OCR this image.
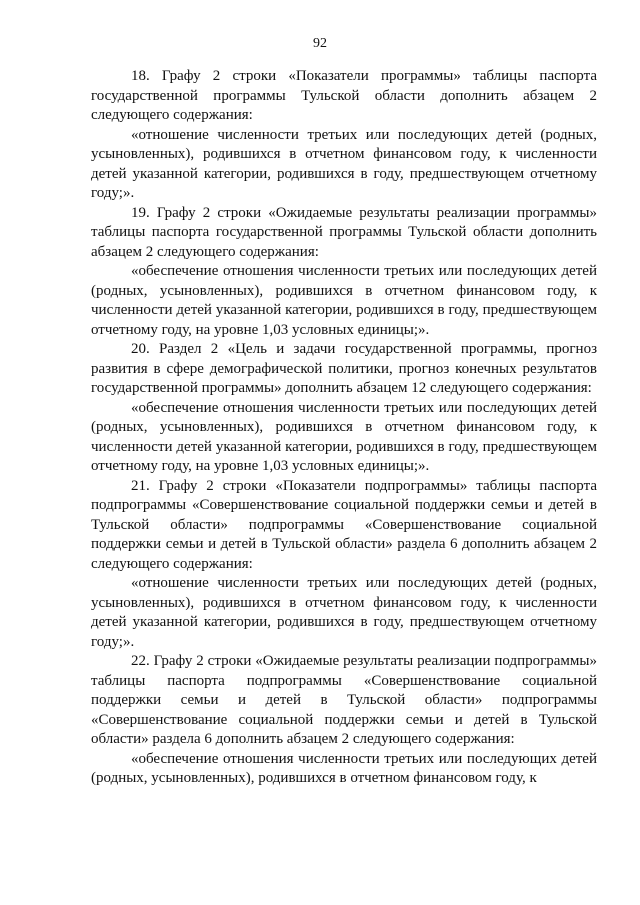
92

18. Графу 2 строки «Показатели программы» таблицы паспорта государственной программы Тульской области дополнить абзацем 2 следующего содержания:

«отношение численности третьих или последующих детей (родных, усыновленных), родившихся в отчетном финансовом году, к численности детей указанной категории, родившихся в году, предшествующем отчетному году;».

19. Графу 2 строки «Ожидаемые результаты реализации программы» таблицы паспорта государственной программы Тульской области дополнить абзацем 2 следующего содержания:

«обеспечение отношения численности третьих или последующих детей (родных, усыновленных), родившихся в отчетном финансовом году, к численности детей указанной категории, родившихся в году, предшествующем отчетному году, на уровне 1,03 условных единицы;».

20. Раздел 2 «Цель и задачи государственной программы, прогноз развития в сфере демографической политики, прогноз конечных результатов государственной программы» дополнить абзацем 12 следующего содержания:

«обеспечение отношения численности третьих или последующих детей (родных, усыновленных), родившихся в отчетном финансовом году, к численности детей указанной категории, родившихся в году, предшествующем отчетному году, на уровне 1,03 условных единицы;».

21. Графу 2 строки «Показатели подпрограммы» таблицы паспорта подпрограммы «Совершенствование социальной поддержки семьи и детей в Тульской области» подпрограммы «Совершенствование социальной поддержки семьи и детей в Тульской области» раздела 6 дополнить абзацем 2 следующего содержания:

«отношение численности третьих или последующих детей (родных, усыновленных), родившихся в отчетном финансовом году, к численности детей указанной категории, родившихся в году, предшествующем отчетному году;».

22. Графу 2 строки «Ожидаемые результаты реализации подпрограммы» таблицы паспорта подпрограммы «Совершенствование социальной поддержки семьи и детей в Тульской области» подпрограммы «Совершенствование социальной поддержки семьи и детей в Тульской области» раздела 6 дополнить абзацем 2 следующего содержания:

«обеспечение отношения численности третьих или последующих детей (родных, усыновленных), родившихся в отчетном финансовом году, к
